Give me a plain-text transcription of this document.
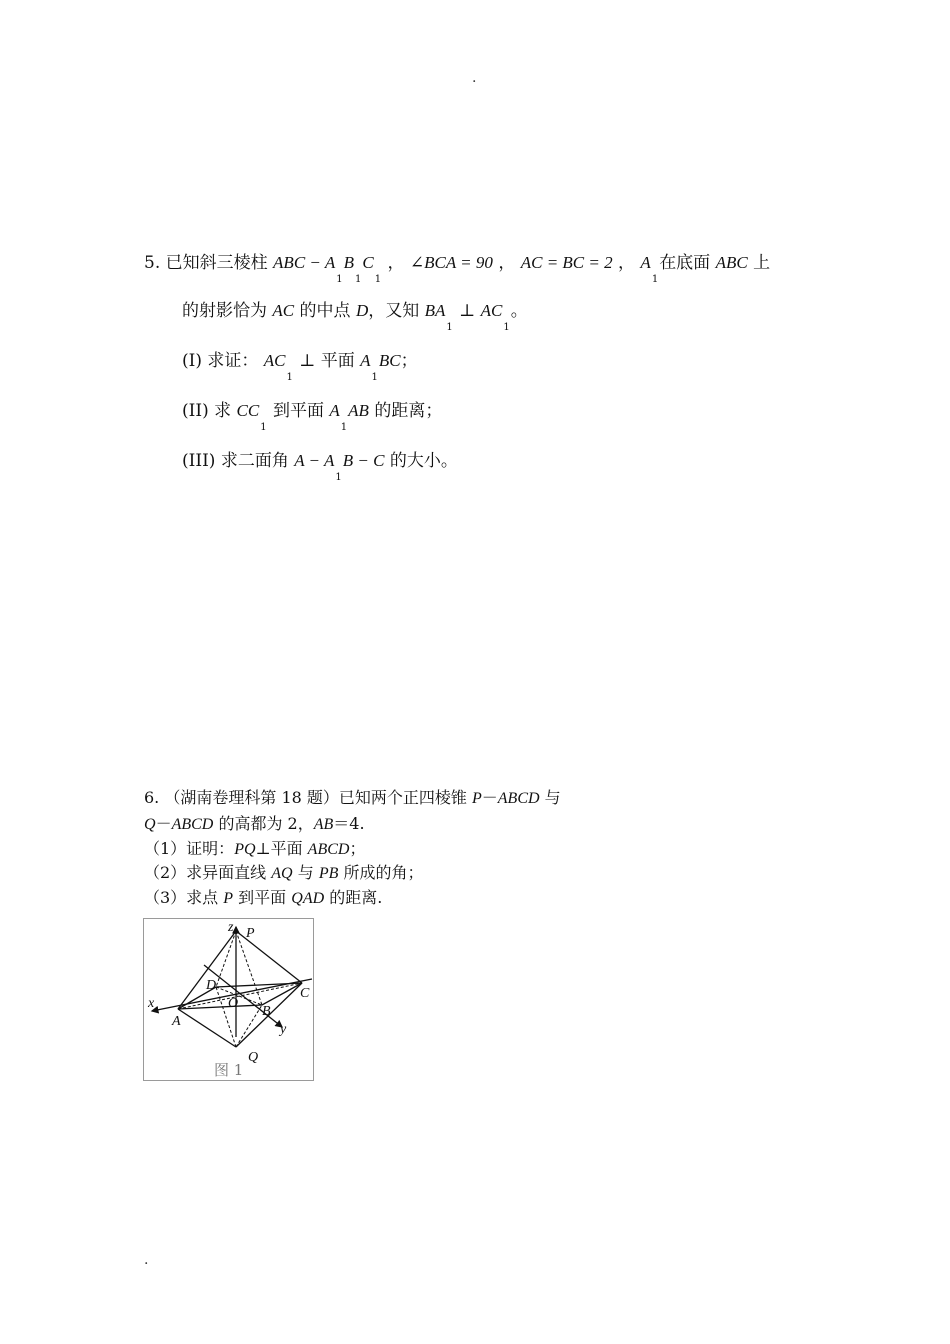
.
5. 已知斜三棱柱 ABC − $A_1B_1C_1$ ， ∠BCA = 90 ， AC = BC = 2 ， $A_1$在底面 ABC 上
的射影恰为 AC 的中点 D，又知 $BA_1$ ⊥ $AC_1$。
(I) 求证： $AC_1$ ⊥ 平面 $A_1BC$；
(II) 求 $CC_1$ 到平面 $A_1AB$ 的距离；
(III) 求二面角 $A - A_1B - C$ 的大小。
6. （湖南卷理科第 18 题）已知两个正四棱锥 P－ABCD 与
Q－ABCD 的高都为 2，AB＝4.
（1）证明：PQ⊥平面 ABCD；
（2）求异面直线 AQ 与 PB 所成的角；
（3）求点 P 到平面 QAD 的距离.
z P
D
O
B
C
x
A
y
Q
图 1
.
